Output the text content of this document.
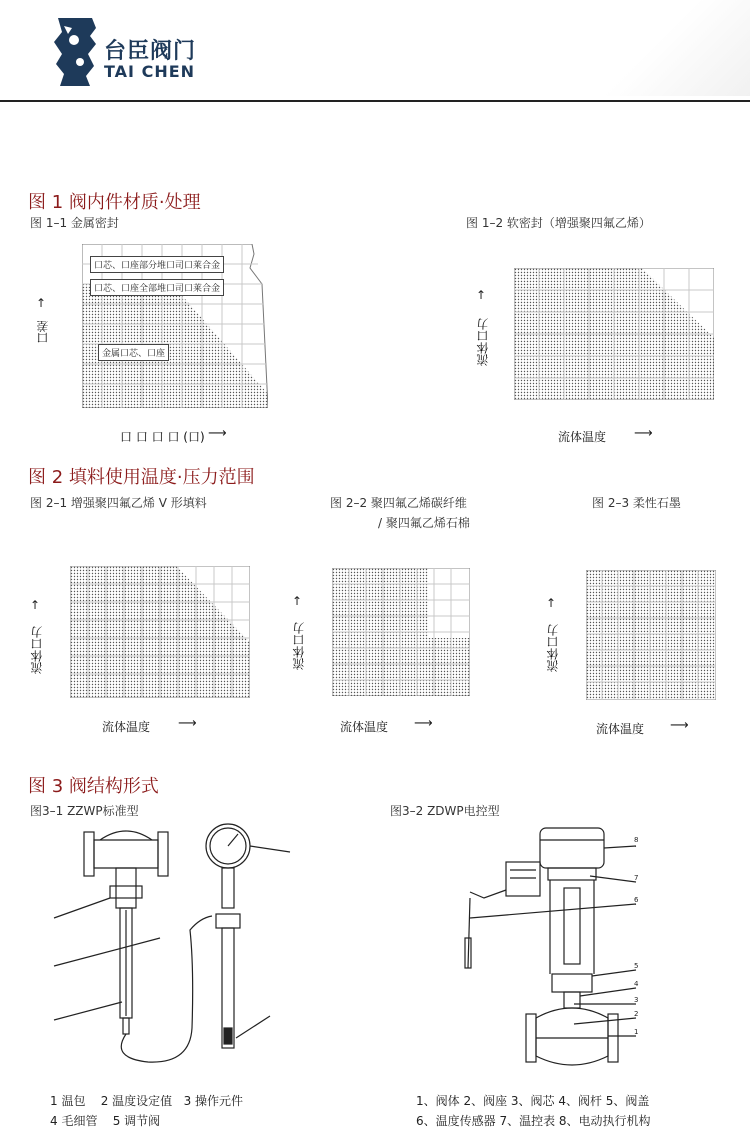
台臣阀门
TAI CHEN
图 1 阀内件材质·处理
图 1–1 金属密封	图 1–2 软密封（增强聚四氟乙烯）
口芯、口座部分堆口司口莱合金
口芯、口座全部堆口司口莱合金
金属口芯、口座
口差
↑
口 口 口 口 (口) ⟶
流体口力
↑
流体温度 ⟶
图 2 填料使用温度·压力范围
图 2–1 增强聚四氟乙烯 V 形填料	图 2–2 聚四氟乙烯碳纤维
/ 聚四氟乙烯石棉
图 2–3 柔性石墨
流体口力
↑
流体温度 ⟶
流体口力
↑
流体温度 ⟶
流体口力
↑
流体温度 ⟶
图 3 阀结构形式
图3–1 ZZWP标准型	图3–2 ZDWP电控型
8
7
6
5
4
3
2
1
1 温包    2 温度设定值   3 操作元件
4 毛细管    5 调节阀
1、阀体 2、阀座 3、阀芯 4、阀杆 5、阀盖
6、温度传感器 7、温控表 8、电动执行机构
